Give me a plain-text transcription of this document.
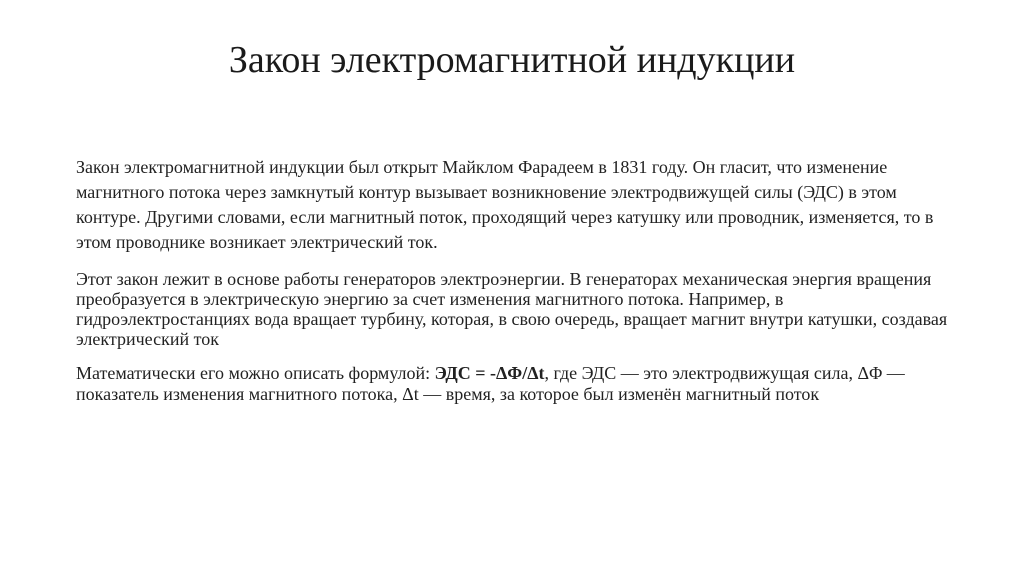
Закон электромагнитной индукции

Закон электромагнитной индукции был открыт Майклом Фарадеем в 1831 году. Он гласит, что изменение магнитного потока через замкнутый контур вызывает возникновение электродвижущей силы (ЭДС) в этом контуре. Другими словами, если магнитный поток, проходящий через катушку или проводник, изменяется, то в этом проводнике возникает электрический ток.

Этот закон лежит в основе работы генераторов электроэнергии. В генераторах механическая энергия вращения преобразуется в электрическую энергию за счет изменения магнитного потока. Например, в гидроэлектростанциях вода вращает турбину, которая, в свою очередь, вращает магнит внутри катушки, создавая электрический ток

Математически его можно описать формулой: ЭДС = -ΔΦ/Δt, где ЭДС — это электродвижущая сила, ΔΦ — показатель изменения магнитного потока, Δt — время, за которое был изменён магнитный поток
